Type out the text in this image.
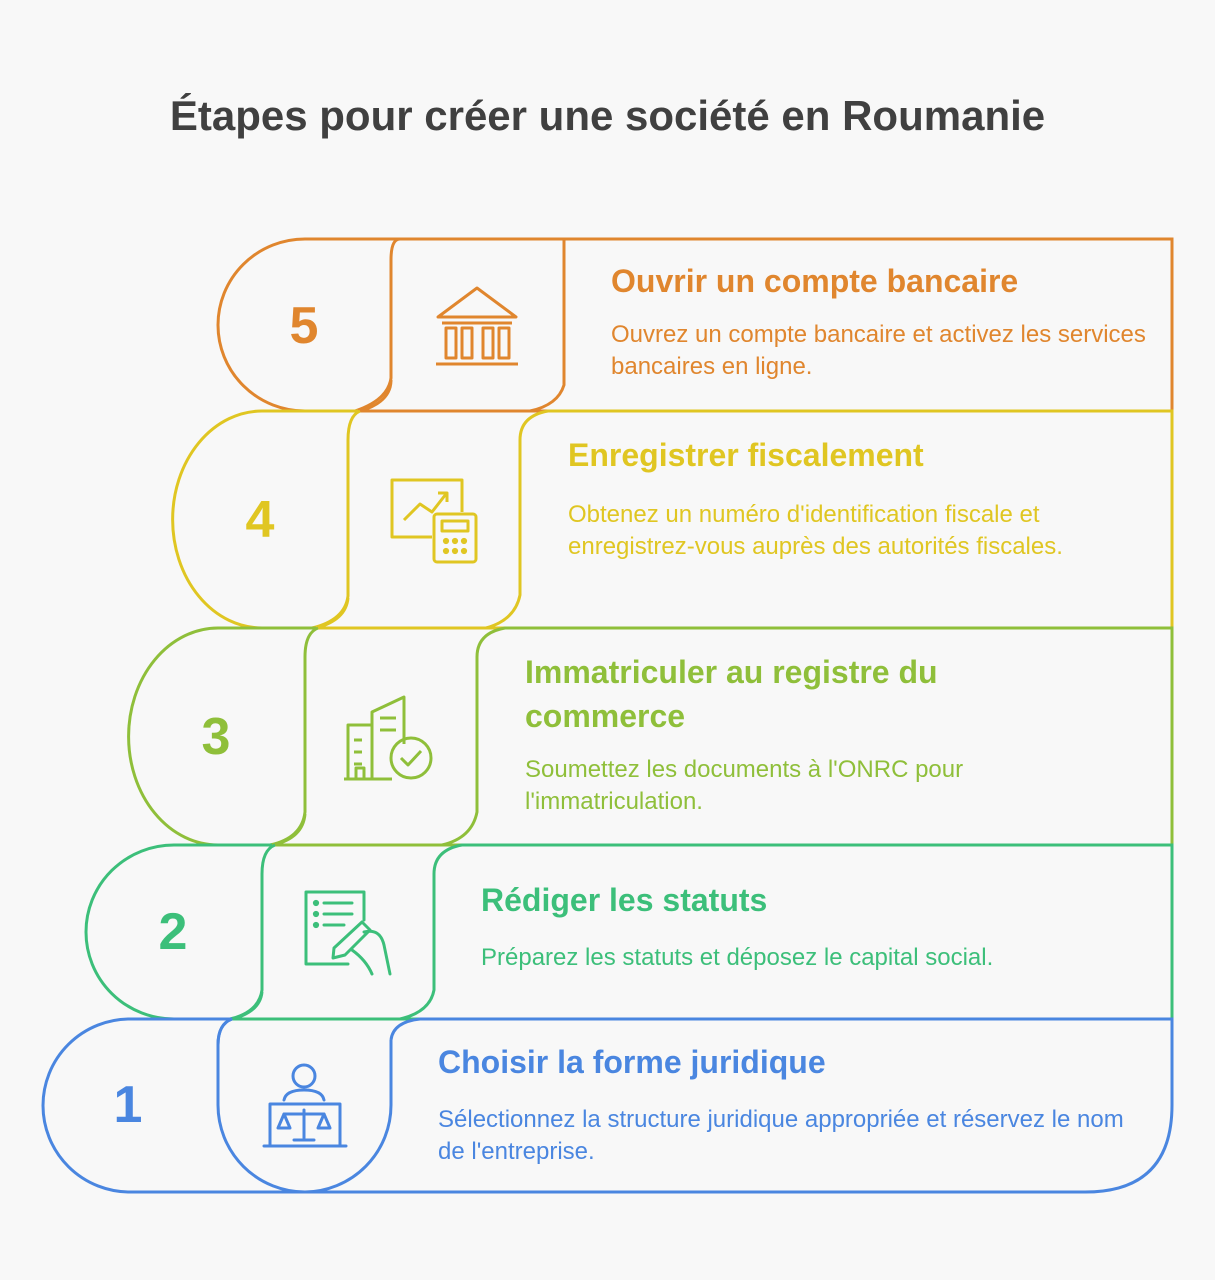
Étapes pour créer une société en Roumanie
5
4
3
2
1

Ouvrir un compte bancaire

Ouvrez un compte bancaire et activez les services bancaires en ligne.

Enregistrer fiscalement

Obtenez un numéro d'identification fiscale et enregistrez-vous auprès des autorités fiscales.

Immatriculer au registre du commerce

Soumettez les documents à l'ONRC pour l'immatriculation.

Rédiger les statuts

Préparez les statuts et déposez le capital social.

Choisir la forme juridique

Sélectionnez la structure juridique appropriée et réservez le nom de l'entreprise.
